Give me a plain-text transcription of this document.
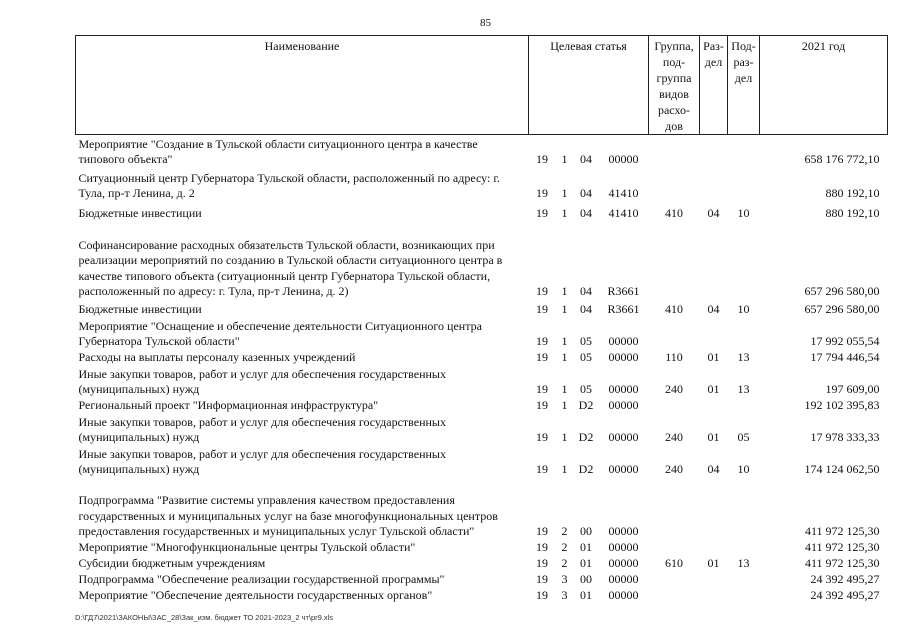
85
Наименование	Целевая статья				Группа, под-группа видов расхо-дов	Раз-дел	Под-раз-дел	2021 год
Мероприятие "Создание в Тульской области ситуационного центра в качестве типового объекта"	19	1	04	00000				658 176 772,10
Ситуационный центр Губернатора Тульской области, расположенный по адресу: г. Тула, пр-т Ленина, д. 2	19	1	04	41410				880 192,10
Бюджетные инвестиции	19	1	04	41410	410	04	10	880 192,10
Софинансирование расходных обязательств Тульской области, возникающих при реализации мероприятий по созданию в Тульской области ситуационного центра в качестве типового объекта (ситуационный центр Губернатора Тульской области, расположенный по адресу: г. Тула, пр-т Ленина, д. 2)	19	1	04	R3661				657 296 580,00
Бюджетные инвестиции	19	1	04	R3661	410	04	10	657 296 580,00
Мероприятие "Оснащение и обеспечение деятельности Ситуационного центра Губернатора Тульской области"	19	1	05	00000				17 992 055,54
Расходы на выплаты персоналу казенных учреждений	19	1	05	00000	110	01	13	17 794 446,54
Иные закупки товаров, работ и услуг для обеспечения государственных (муниципальных) нужд	19	1	05	00000	240	01	13	197 609,00
Региональный проект "Информационная инфраструктура"	19	1	D2	00000				192 102 395,83
Иные закупки товаров, работ и услуг для обеспечения государственных (муниципальных) нужд	19	1	D2	00000	240	01	05	17 978 333,33
Иные закупки товаров, работ и услуг для обеспечения государственных (муниципальных) нужд	19	1	D2	00000	240	04	10	174 124 062,50
Подпрограмма "Развитие системы управления качеством предоставления государственных и муниципальных услуг на базе многофункциональных центров предоставления государственных и муниципальных услуг Тульской области"	19	2	00	00000				411 972 125,30
Мероприятие "Многофункциональные центры Тульской области"	19	2	01	00000				411 972 125,30
Субсидии бюджетным учреждениям	19	2	01	00000	610	01	13	411 972 125,30
Подпрограмма "Обеспечение реализации государственной программы"	19	3	00	00000				24 392 495,27
Мероприятие "Обеспечение деятельности государственных органов"	19	3	01	00000				24 392 495,27
D:\ГД7\2021\ЗАКОНЫ\ЗАС_28\Зак_изм. бюджет ТО 2021-2023_2 чт\pr9.xls
